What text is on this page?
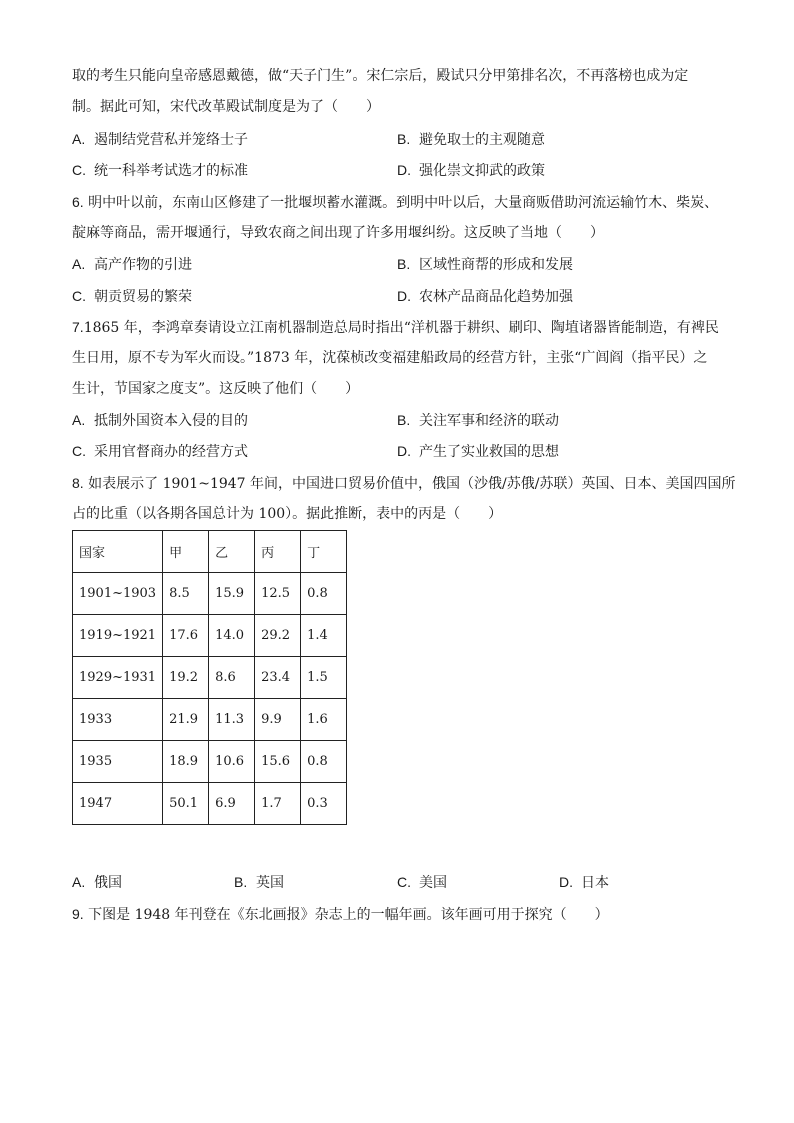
取的考生只能向皇帝感恩戴德，做“天子门生”。宋仁宗后，殿试只分甲第排名次，不再落榜也成为定
制。据此可知，宋代改革殿试制度是为了（　　）
A. 遏制结党营私并笼络士子	B. 避免取士的主观随意
C. 统一科举考试选才的标准	D. 强化崇文抑武的政策
6. 明中叶以前，东南山区修建了一批堰坝蓄水灌溉。到明中叶以后，大量商贩借助河流运输竹木、柴炭、
靛麻等商品，需开堰通行，导致农商之间出现了许多用堰纠纷。这反映了当地（　　）
A. 高产作物的引进	B. 区域性商帮的形成和发展
C. 朝贡贸易的繁荣	D. 农林产品商品化趋势加强
7.1865 年，李鸿章奏请设立江南机器制造总局时指出“洋机器于耕织、刷印、陶埴诸器皆能制造，有裨民
生日用，原不专为军火而设。”1873 年，沈葆桢改变福建船政局的经营方针，主张“广闾阎（指平民）之
生计，节国家之度支”。这反映了他们（　　）
A. 抵制外国资本入侵的目的	B. 关注军事和经济的联动
C. 采用官督商办的经营方式	D. 产生了实业救国的思想
8. 如表展示了 1901~1947 年间，中国进口贸易价值中，俄国（沙俄/苏俄/苏联）英国、日本、美国四国所
占的比重（以各期各国总计为 100）。据此推断，表中的丙是（　　）
国家	甲	乙	丙	丁
1901~1903	8.5	15.9	12.5	0.8
1919~1921	17.6	14.0	29.2	1.4
1929~1931	19.2	8.6	23.4	1.5
1933	21.9	11.3	9.9	1.6
1935	18.9	10.6	15.6	0.8
1947	50.1	6.9	1.7	0.3
A. 俄国	B. 英国	C. 美国	D. 日本
9. 下图是 1948 年刊登在《东北画报》杂志上的一幅年画。该年画可用于探究（　　）
